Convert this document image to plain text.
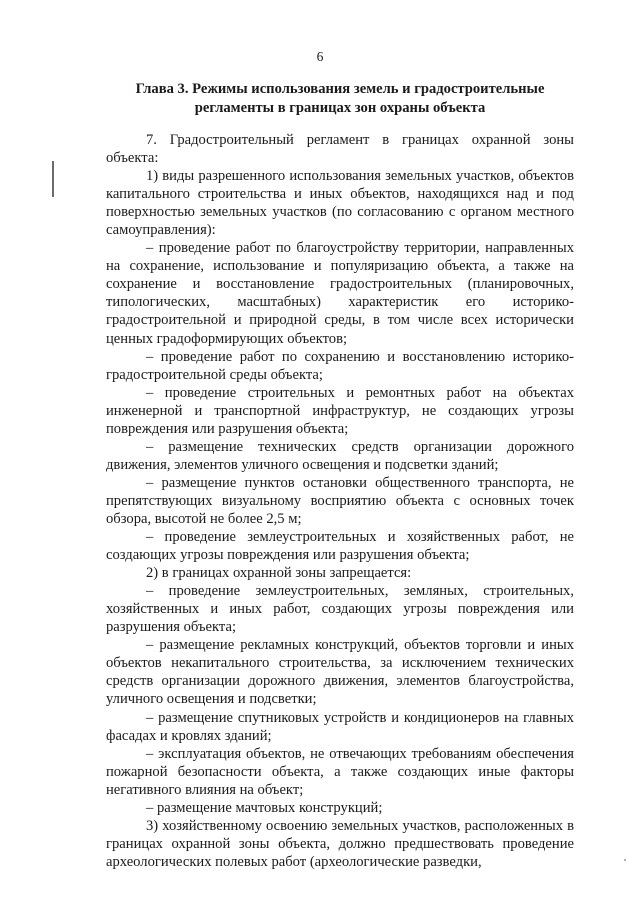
6
Глава 3. Режимы использования земель и градостроительные регламенты в границах зон охраны объекта

7. Градостроительный регламент в границах охранной зоны объекта:

1) виды разрешенного использования земельных участков, объектов капитального строительства и иных объектов, находящихся над и под поверхностью земельных участков (по согласованию с органом местного самоуправления):

– проведение работ по благоустройству территории, направленных на сохранение, использование и популяризацию объекта, а также на сохранение и восстановление градостроительных (планировочных, типологических, масштабных) характеристик его историко-градостроительной и природной среды, в том числе всех исторически ценных градоформирующих объектов;

– проведение работ по сохранению и восстановлению историко-градостроительной среды объекта;

– проведение строительных и ремонтных работ на объектах инженерной и транспортной инфраструктур, не создающих угрозы повреждения или разрушения объекта;

– размещение технических средств организации дорожного движения, элементов уличного освещения и подсветки зданий;

– размещение пунктов остановки общественного транспорта, не препятствующих визуальному восприятию объекта с основных точек обзора, высотой не более 2,5 м;

– проведение землеустроительных и хозяйственных работ, не создающих угрозы повреждения или разрушения объекта;

2) в границах охранной зоны запрещается:

– проведение землеустроительных, земляных, строительных, хозяйственных и иных работ, создающих угрозы повреждения или разрушения объекта;

– размещение рекламных конструкций, объектов торговли и иных объектов некапитального строительства, за исключением технических средств организации дорожного движения, элементов благоустройства, уличного освещения и подсветки;

– размещение спутниковых устройств и кондиционеров на главных фасадах и кровлях зданий;

– эксплуатация объектов, не отвечающих требованиям обеспечения пожарной безопасности объекта, а также создающих иные факторы негативного влияния на объект;

– размещение мачтовых конструкций;

3) хозяйственному освоению земельных участков, расположенных в границах охранной зоны объекта, должно предшествовать проведение археологических полевых работ (археологические разведки,
